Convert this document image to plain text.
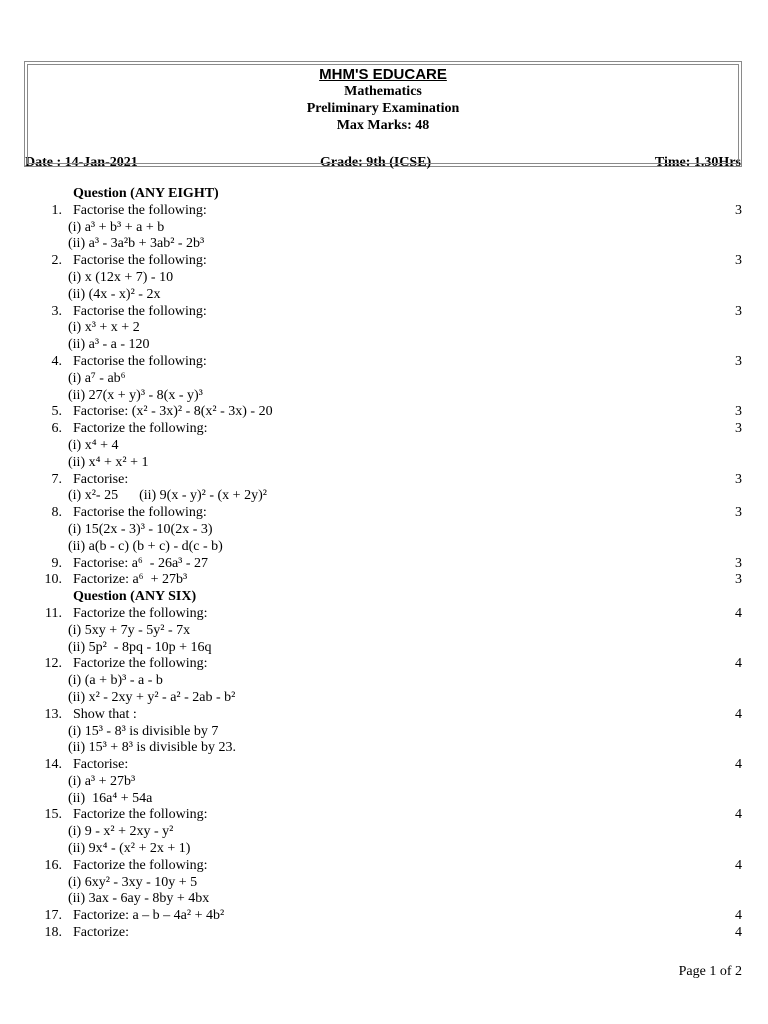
MHM'S EDUCARE
Mathematics
Preliminary Examination
Max Marks: 48
Date : 14-Jan-2021	Grade: 9th (ICSE)	Time: 1.30Hrs
Question (ANY EIGHT)
1. Factorise the following:	3
(i) a³ + b³ + a + b
(ii) a³ - 3a²b + 3ab² - 2b³
2. Factorise the following:	3
(i) x (12x + 7) - 10
(ii) (4x - x)² - 2x
3. Factorise the following:	3
(i) x³ + x + 2
(ii) a³ - a - 120
4. Factorise the following:	3
(i) a⁷ - ab⁶
(ii) 27(x + y)³ - 8(x - y)³
5. Factorise: (x² - 3x)² - 8(x² - 3x) - 20	3
6. Factorize the following:	3
(i) x⁴ + 4
(ii) x⁴ + x² + 1
7. Factorise:	3
(i) x²- 25      (ii) 9(x - y)² - (x + 2y)²
8. Factorise the following:	3
(i) 15(2x - 3)³ - 10(2x - 3)
(ii) a(b - c) (b + c) - d(c - b)
9. Factorise: a⁶  - 26a³ - 27	3
10. Factorize: a⁶  + 27b³	3
Question (ANY SIX)
11. Factorize the following:	4
(i) 5xy + 7y - 5y² - 7x
(ii) 5p²  - 8pq - 10p + 16q
12. Factorize the following:	4
(i) (a + b)³ - a - b
(ii) x² - 2xy + y² - a² - 2ab - b²
13. Show that :	4
(i) 15³ - 8³ is divisible by 7
(ii) 15³ + 8³ is divisible by 23.
14. Factorise:	4
(i) a³ + 27b³
(ii)  16a⁴ + 54a
15. Factorize the following:	4
(i) 9 - x² + 2xy - y²
(ii) 9x⁴ - (x² + 2x + 1)
16. Factorize the following:	4
(i) 6xy² - 3xy - 10y + 5
(ii) 3ax - 6ay - 8by + 4bx
17. Factorize: a – b – 4a² + 4b²	4
18. Factorize:	4
Page 1 of 2
